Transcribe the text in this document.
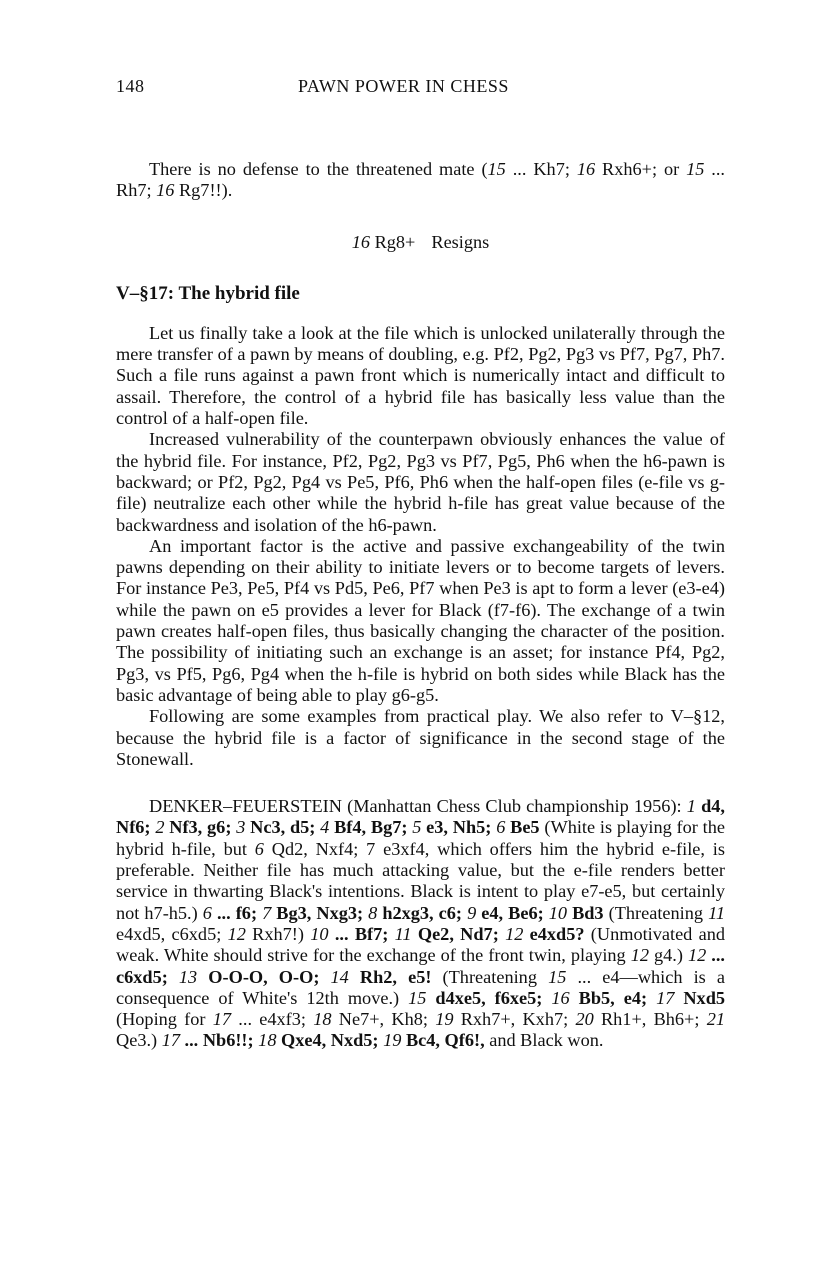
148	PAWN POWER IN CHESS

There is no defense to the threatened mate (15 ... Kh7; 16 Rxh6+; or 15 ... Rh7; 16 Rg7!!).

16 Rg8+ Resigns

V–§17: The hybrid file

Let us finally take a look at the file which is unlocked unilaterally through the mere transfer of a pawn by means of doubling, e.g. Pf2, Pg2, Pg3 vs Pf7, Pg7, Ph7. Such a file runs against a pawn front which is numerically intact and difficult to assail. Therefore, the control of a hybrid file has basically less value than the control of a half-open file.

Increased vulnerability of the counterpawn obviously enhances the value of the hybrid file. For instance, Pf2, Pg2, Pg3 vs Pf7, Pg5, Ph6 when the h6-pawn is backward; or Pf2, Pg2, Pg4 vs Pe5, Pf6, Ph6 when the half-open files (e-file vs g-file) neutralize each other while the hybrid h-file has great value because of the backwardness and isolation of the h6-pawn.

An important factor is the active and passive exchangeability of the twin pawns depending on their ability to initiate levers or to become targets of levers. For instance Pe3, Pe5, Pf4 vs Pd5, Pe6, Pf7 when Pe3 is apt to form a lever (e3-e4) while the pawn on e5 provides a lever for Black (f7-f6). The exchange of a twin pawn creates half-open files, thus basically changing the character of the position. The possibility of initiating such an exchange is an asset; for instance Pf4, Pg2, Pg3, vs Pf5, Pg6, Pg4 when the h-file is hybrid on both sides while Black has the basic advantage of being able to play g6-g5.

Following are some examples from practical play. We also refer to V–§12, because the hybrid file is a factor of significance in the second stage of the Stonewall.

DENKER–FEUERSTEIN (Manhattan Chess Club championship 1956): 1 d4, Nf6; 2 Nf3, g6; 3 Nc3, d5; 4 Bf4, Bg7; 5 e3, Nh5; 6 Be5 (White is playing for the hybrid h-file, but 6 Qd2, Nxf4; 7 e3xf4, which offers him the hybrid e-file, is preferable. Neither file has much attacking value, but the e-file renders better service in thwarting Black's intentions. Black is intent to play e7-e5, but certainly not h7-h5.) 6 ... f6; 7 Bg3, Nxg3; 8 h2xg3, c6; 9 e4, Be6; 10 Bd3 (Threatening 11 e4xd5, c6xd5; 12 Rxh7!) 10 ... Bf7; 11 Qe2, Nd7; 12 e4xd5? (Unmotivated and weak. White should strive for the exchange of the front twin, playing 12 g4.) 12 ... c6xd5; 13 O-O-O, O-O; 14 Rh2, e5! (Threatening 15 ... e4—which is a consequence of White's 12th move.) 15 d4xe5, f6xe5; 16 Bb5, e4; 17 Nxd5 (Hoping for 17 ... e4xf3; 18 Ne7+, Kh8; 19 Rxh7+, Kxh7; 20 Rh1+, Bh6+; 21 Qe3.) 17 ... Nb6!!; 18 Qxe4, Nxd5; 19 Bc4, Qf6!, and Black won.
